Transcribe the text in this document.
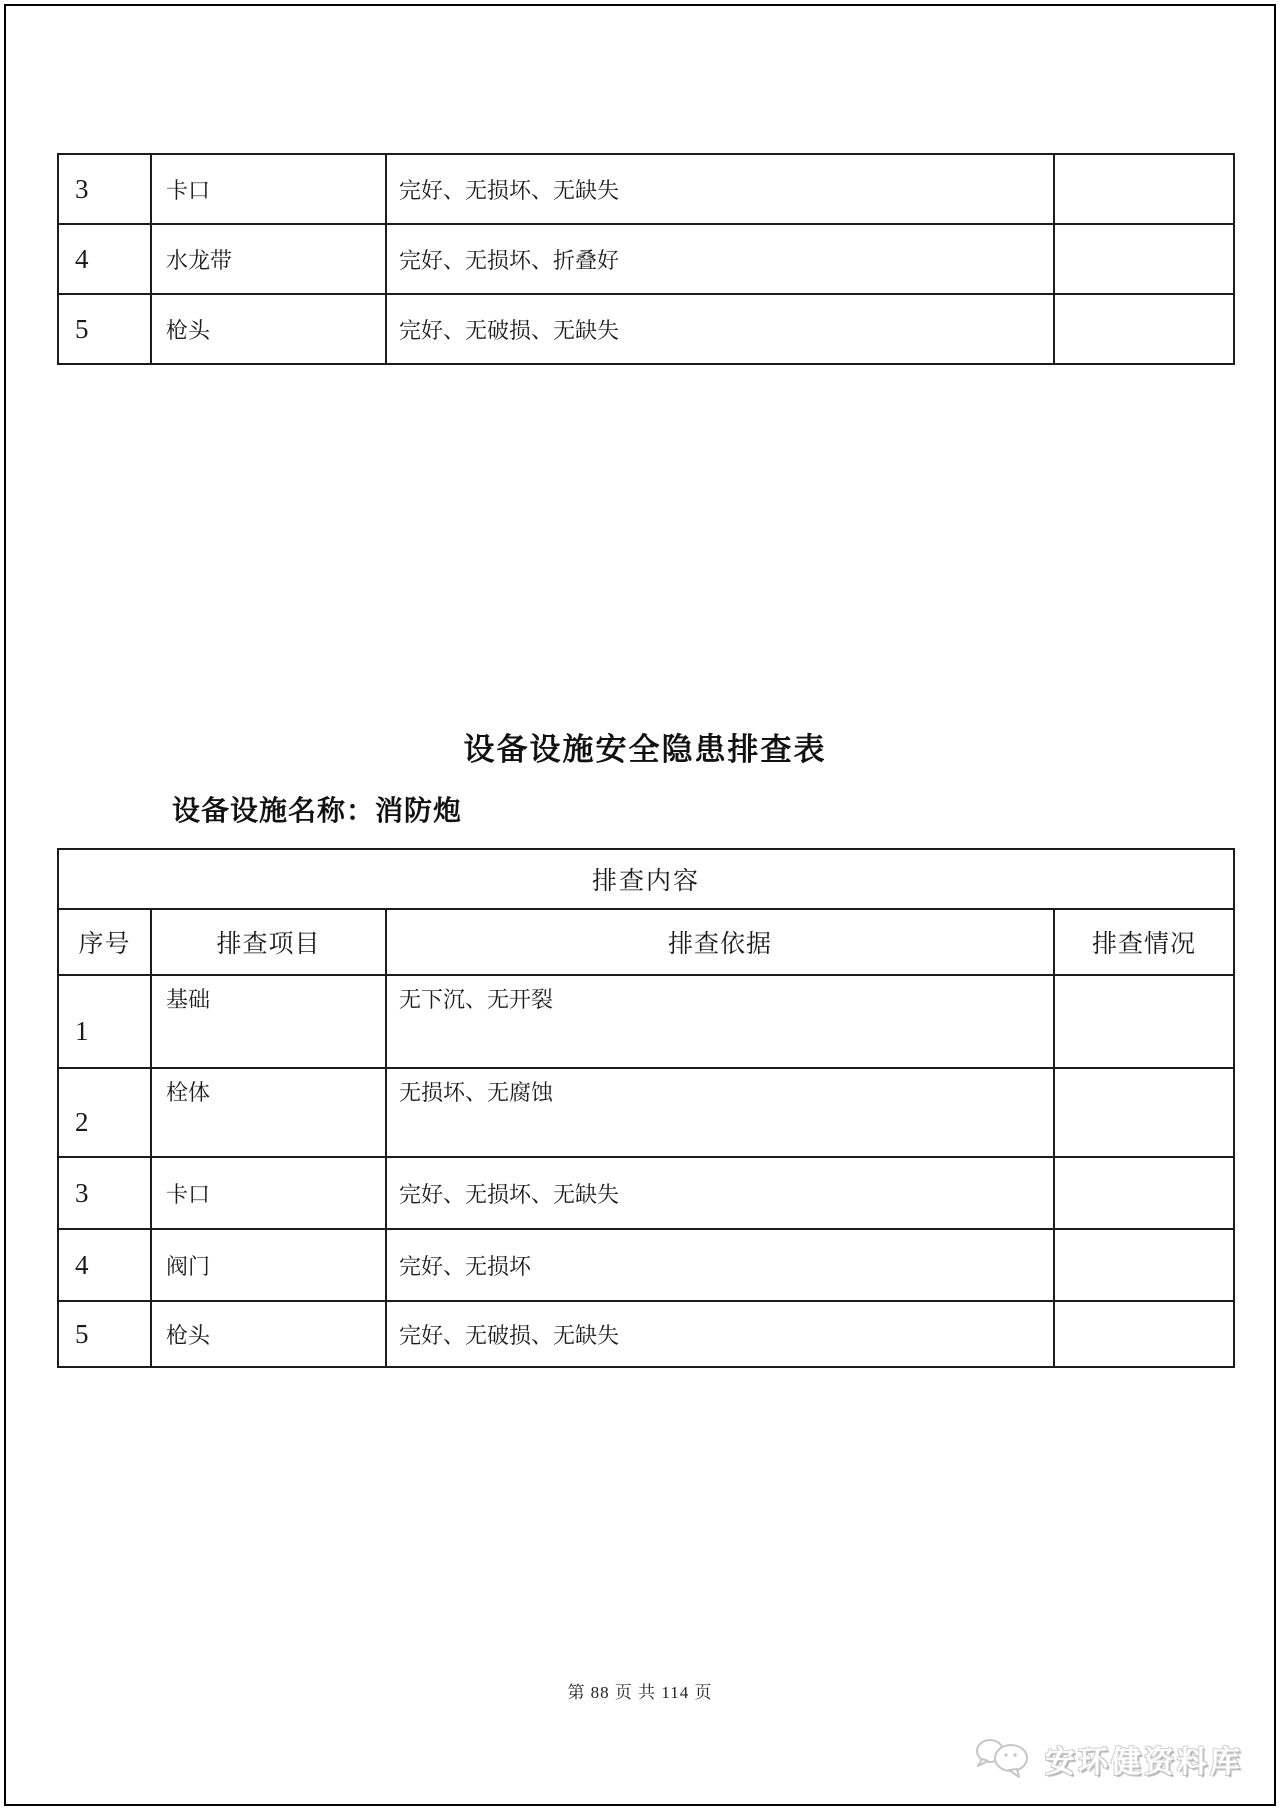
3	卡口	完好、无损坏、无缺失	
4	水龙带	完好、无损坏、折叠好	
5	枪头	完好、无破损、无缺失	
设备设施安全隐患排查表
设备设施名称：消防炮
排查内容			
序号	排查项目	排查依据	排查情况
1	基础	无下沉、无开裂	
2	栓体	无损坏、无腐蚀	
3	卡口	完好、无损坏、无缺失	
4	阀门	完好、无损坏	
5	枪头	完好、无破损、无缺失	
第 88 页 共 114 页
安环健资料库
